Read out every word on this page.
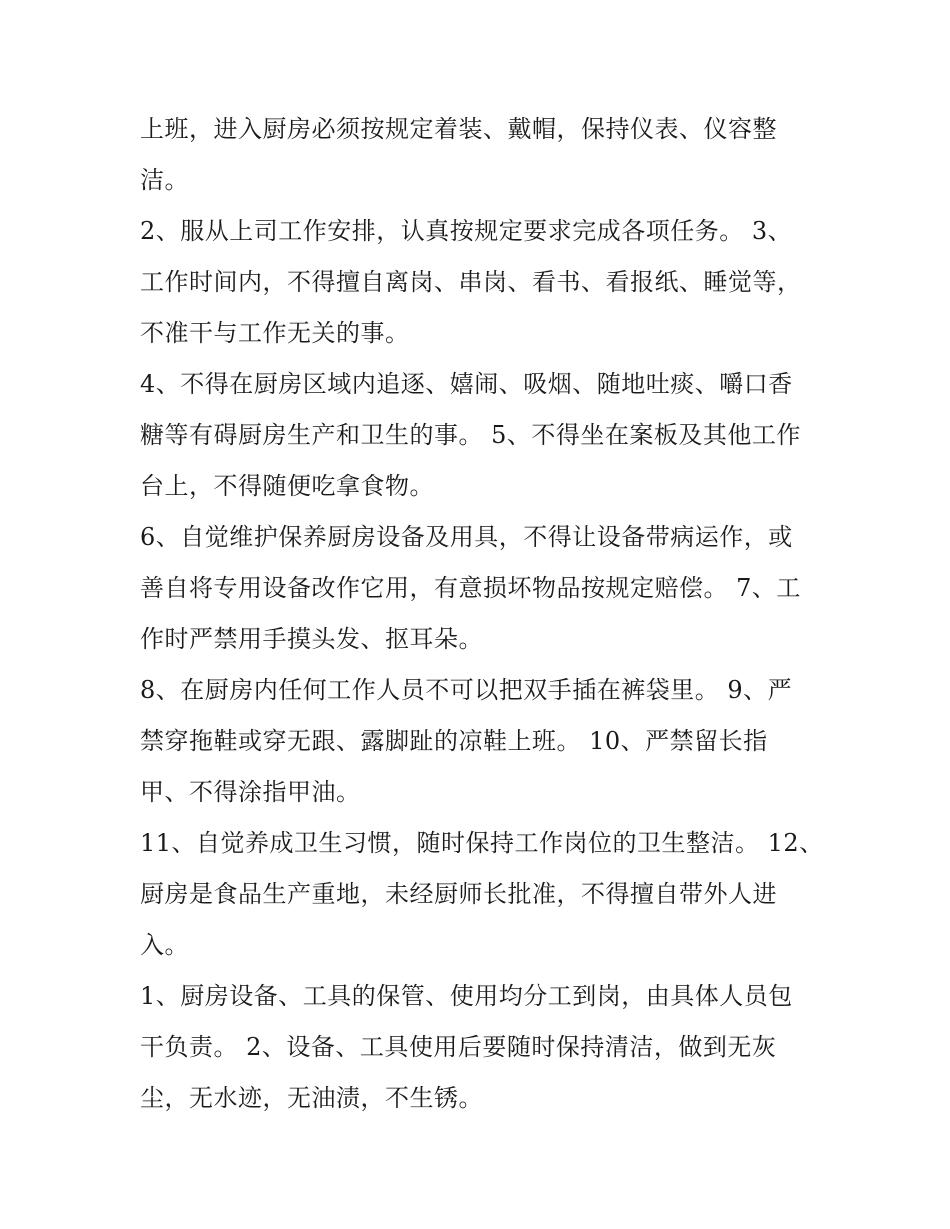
上班，进入厨房必须按规定着装、戴帽，保持仪表、仪容整
洁。
2、服从上司工作安排，认真按规定要求完成各项任务。 3、
工作时间内，不得擅自离岗、串岗、看书、看报纸、睡觉等，
不准干与工作无关的事。
4、不得在厨房区域内追逐、嬉闹、吸烟、随地吐痰、嚼口香
糖等有碍厨房生产和卫生的事。 5、不得坐在案板及其他工作
台上，不得随便吃拿食物。
6、自觉维护保养厨房设备及用具，不得让设备带病运作，或
善自将专用设备改作它用，有意损坏物品按规定赔偿。 7、工
作时严禁用手摸头发、抠耳朵。
8、在厨房内任何工作人员不可以把双手插在裤袋里。 9、严
禁穿拖鞋或穿无跟、露脚趾的凉鞋上班。 10、严禁留长指
甲、不得涂指甲油。
11、自觉养成卫生习惯，随时保持工作岗位的卫生整洁。 12、
厨房是食品生产重地，未经厨师长批准，不得擅自带外人进
入。
1、厨房设备、工具的保管、使用均分工到岗，由具体人员包
干负责。 2、设备、工具使用后要随时保持清洁，做到无灰
尘，无水迹，无油渍，不生锈。
